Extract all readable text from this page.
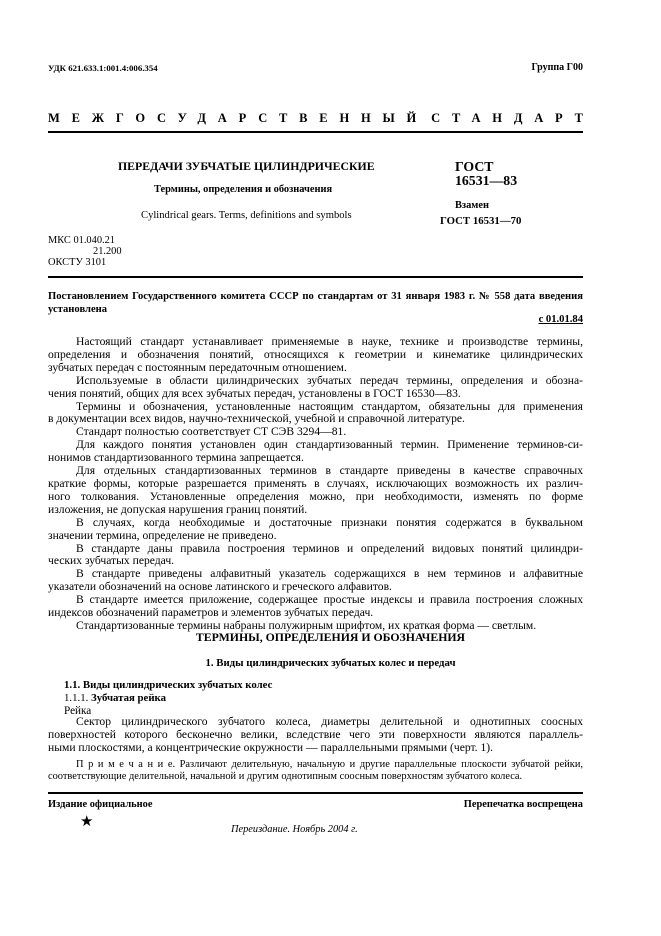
УДК 621.633.1:001.4:006.354	Группа Г00
МЕЖГОСУДАРСТВЕННЫЙ СТАНДАРТ
ПЕРЕДАЧИ ЗУБЧАТЫЕ ЦИЛИНДРИЧЕСКИЕ
Термины, определения и обозначения
Cylindrical gears. Terms, definitions and symbols
ГОСТ
16531—83
Взамен
ГОСТ 16531—70
МКС 01.040.21
21.200
ОКСТУ 3101
Постановлением Государственного комитета СССР по стандартам от 31 января 1983 г. № 558 дата введения
установлена
с 01.01.84
Настоящий стандарт устанавливает применяемые в науке, технике и производстве термины,
определения и обозначения понятий, относящихся к геометрии и кинематике цилиндрических
зубчатых передач с постоянным передаточным отношением.
Используемые в области цилиндрических зубчатых передач термины, определения и обозна-
чения понятий, общих для всех зубчатых передач, установлены в ГОСТ 16530—83.
Термины и обозначения, установленные настоящим стандартом, обязательны для применения
в документации всех видов, научно-технической, учебной и справочной литературе.
Стандарт полностью соответствует СТ СЭВ 3294—81.
Для каждого понятия установлен один стандартизованный термин. Применение терминов-си-
нонимов стандартизованного термина запрещается.
Для отдельных стандартизованных терминов в стандарте приведены в качестве справочных
краткие формы, которые разрешается применять в случаях, исключающих возможность их различ-
ного толкования. Установленные определения можно, при необходимости, изменять по форме
изложения, не допуская нарушения границ понятий.
В случаях, когда необходимые и достаточные признаки понятия содержатся в буквальном
значении термина, определение не приведено.
В стандарте даны правила построения терминов и определений видовых понятий цилиндри-
ческих зубчатых передач.
В стандарте приведены алфавитный указатель содержащихся в нем терминов и алфавитные
указатели обозначений на основе латинского и греческого алфавитов.
В стандарте имеется приложение, содержащее простые индексы и правила построения сложных
индексов обозначений параметров и элементов зубчатых передач.
Стандартизованные термины набраны полужирным шрифтом, их краткая форма — светлым.
ТЕРМИНЫ, ОПРЕДЕЛЕНИЯ И ОБОЗНАЧЕНИЯ
1. Виды цилиндрических зубчатых колес и передач
1.1. Виды цилиндрических зубчатых колес
1.1.1. Зубчатая рейка
Рейка
Сектор цилиндрического зубчатого колеса, диаметры делительной и однотипных соосных
поверхностей которого бесконечно велики, вследствие чего эти поверхности являются параллель-
ными плоскостями, а концентрические окружности — параллельными прямыми (черт. 1).
П р и м е ч а н и е. Различают делительную, начальную и другие параллельные плоскости зубчатой рейки,
соответствующие делительной, начальной и другим однотипным соосным поверхностям зубчатого колеса.
Издание официальное	Перепечатка воспрещена
★	Переиздание. Ноябрь 2004 г.
